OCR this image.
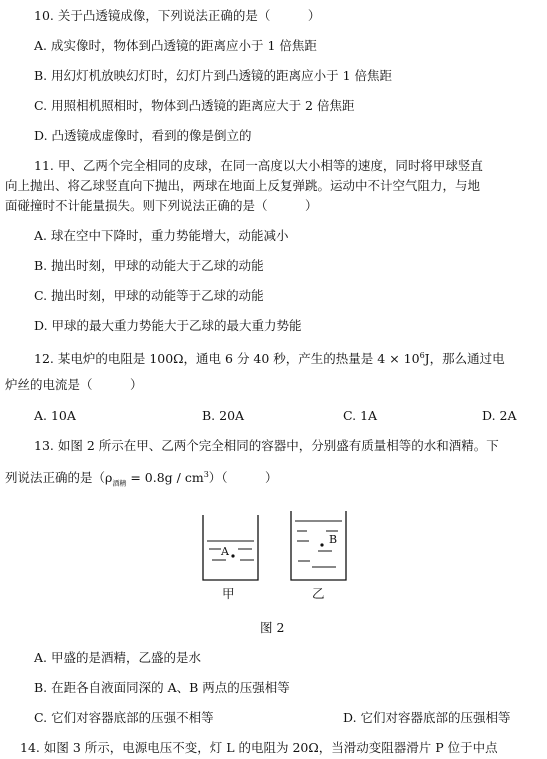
10. 关于凸透镜成像，下列说法正确的是（　　　）
A. 成实像时，物体到凸透镜的距离应小于 1 倍焦距
B. 用幻灯机放映幻灯时，幻灯片到凸透镜的距离应小于 1 倍焦距
C. 用照相机照相时，物体到凸透镜的距离应大于 2 倍焦距
D. 凸透镜成虚像时，看到的像是倒立的
11. 甲、乙两个完全相同的皮球，在同一高度以大小相等的速度，同时将甲球竖直
向上抛出、将乙球竖直向下抛出，两球在地面上反复弹跳。运动中不计空气阻力，与地
面碰撞时不计能量损失。则下列说法正确的是（　　　）
A. 球在空中下降时，重力势能增大，动能减小
B. 抛出时刻，甲球的动能大于乙球的动能
C. 抛出时刻，甲球的动能等于乙球的动能
D. 甲球的最大重力势能大于乙球的最大重力势能
12. 某电炉的电阻是 100Ω，通电 6 分 40 秒，产生的热量是 $4 \times 10^6J$，那么通过电
炉丝的电流是（　　　）
A. 10A	B. 20A	C. 1A	D. 2A
13. 如图 2 所示在甲、乙两个完全相同的容器中，分别盛有质量相等的水和酒精。下
列说法正确的是$(\rho_{酒精} = 0.8g / cm^3)$（　　　）
A
B
甲	乙
图 2
A. 甲盛的是酒精，乙盛的是水
B. 在距各自液面同深的 A、B 两点的压强相等
C. 它们对容器底部的压强不相等	D. 它们对容器底部的压强相等
14. 如图 3 所示，电源电压不变，灯 L 的电阻为 20Ω，当滑动变阻器滑片 P 位于中点
